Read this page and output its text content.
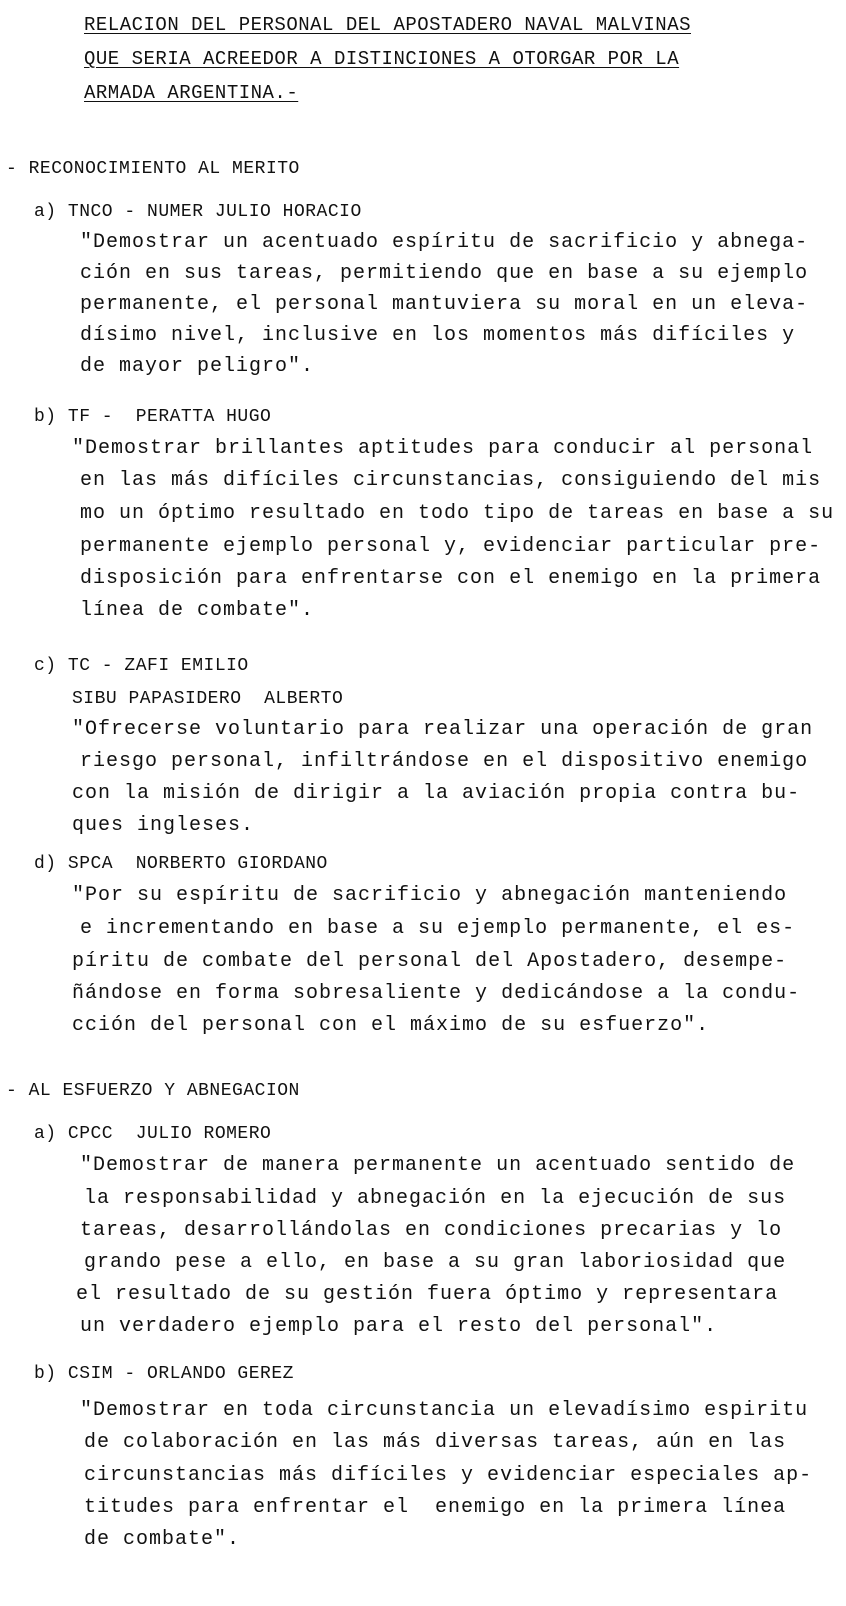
RELACION DEL PERSONAL DEL APOSTADERO NAVAL MALVINAS
QUE SERIA ACREEDOR A DISTINCIONES A OTORGAR POR LA
ARMADA ARGENTINA.-
- RECONOCIMIENTO AL MERITO
a) TNCO - NUMER JULIO HORACIO
"Demostrar un acentuado espíritu de sacrificio y abnega-
ción en sus tareas, permitiendo que en base a su ejemplo
permanente, el personal mantuviera su moral en un eleva-
dísimo nivel, inclusive en los momentos más difíciles y
de mayor peligro".
b) TF -  PERATTA HUGO
"Demostrar brillantes aptitudes para conducir al personal
en las más difíciles circunstancias, consiguiendo del mis
mo un óptimo resultado en todo tipo de tareas en base a su
permanente ejemplo personal y, evidenciar particular pre-
disposición para enfrentarse con el enemigo en la primera
línea de combate".
c) TC - ZAFI EMILIO
SIBU PAPASIDERO  ALBERTO
"Ofrecerse voluntario para realizar una operación de gran
riesgo personal, infiltrándose en el dispositivo enemigo
con la misión de dirigir a la aviación propia contra bu-
ques ingleses.
d) SPCA  NORBERTO GIORDANO
"Por su espíritu de sacrificio y abnegación manteniendo
e incrementando en base a su ejemplo permanente, el es-
píritu de combate del personal del Apostadero, desempe-
ñándose en forma sobresaliente y dedicándose a la condu-
cción del personal con el máximo de su esfuerzo".
- AL ESFUERZO Y ABNEGACION
a) CPCC  JULIO ROMERO
"Demostrar de manera permanente un acentuado sentido de
la responsabilidad y abnegación en la ejecución de sus
tareas, desarrollándolas en condiciones precarias y lo
grando pese a ello, en base a su gran laboriosidad que
el resultado de su gestión fuera óptimo y representara
un verdadero ejemplo para el resto del personal".
b) CSIM - ORLANDO GEREZ
"Demostrar en toda circunstancia un elevadísimo espiritu
de colaboración en las más diversas tareas, aún en las
circunstancias más difíciles y evidenciar especiales ap-
titudes para enfrentar el  enemigo en la primera línea
de combate".
